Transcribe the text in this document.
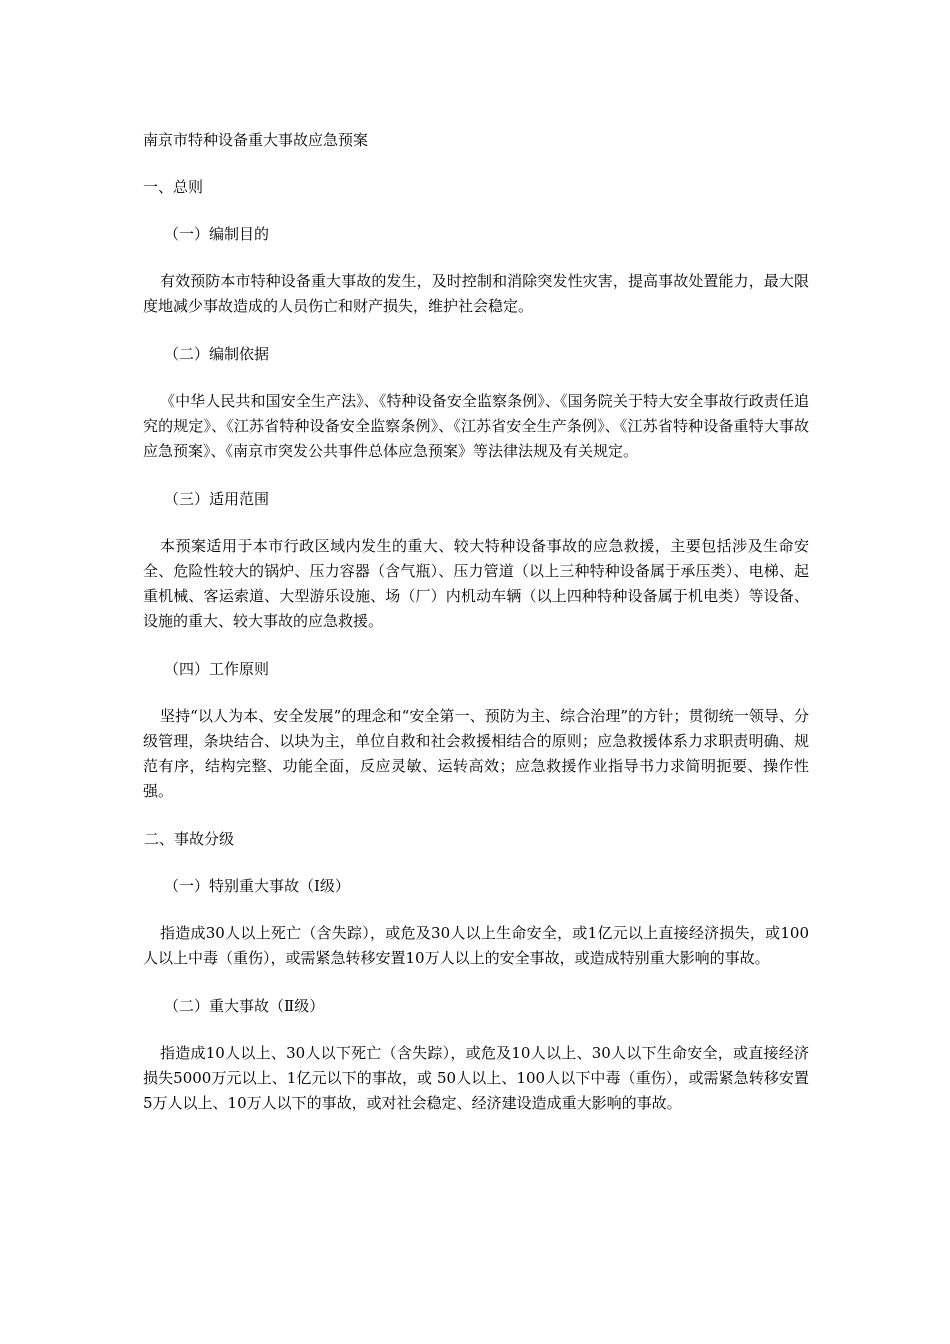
南京市特种设备重大事故应急预案

一、总则

（一）编制目的

有效预防本市特种设备重大事故的发生，及时控制和消除突发性灾害，提高事故处置能力，最大限度地减少事故造成的人员伤亡和财产损失，维护社会稳定。

（二）编制依据

《中华人民共和国安全生产法》、《特种设备安全监察条例》、《国务院关于特大安全事故行政责任追究的规定》、《江苏省特种设备安全监察条例》、《江苏省安全生产条例》、《江苏省特种设备重特大事故应急预案》、《南京市突发公共事件总体应急预案》等法律法规及有关规定。

（三）适用范围

本预案适用于本市行政区域内发生的重大、较大特种设备事故的应急救援，主要包括涉及生命安全、危险性较大的锅炉、压力容器（含气瓶）、压力管道（以上三种特种设备属于承压类）、电梯、起重机械、客运索道、大型游乐设施、场（厂）内机动车辆（以上四种特种设备属于机电类）等设备、设施的重大、较大事故的应急救援。

（四）工作原则

坚持“以人为本、安全发展”的理念和“安全第一、预防为主、综合治理”的方针；贯彻统一领导、分级管理，条块结合、以块为主，单位自救和社会救援相结合的原则；应急救援体系力求职责明确、规范有序，结构完整、功能全面，反应灵敏、运转高效；应急救援作业指导书力求简明扼要、操作性强。

二、事故分级

（一）特别重大事故（Ⅰ级）

指造成30人以上死亡（含失踪），或危及30人以上生命安全，或1亿元以上直接经济损失，或100人以上中毒（重伤），或需紧急转移安置10万人以上的安全事故，或造成特别重大影响的事故。

（二）重大事故（Ⅱ级）

指造成10人以上、30人以下死亡（含失踪），或危及10人以上、30人以下生命安全，或直接经济损失5000万元以上、1亿元以下的事故，或 50人以上、100人以下中毒（重伤），或需紧急转移安置5万人以上、10万人以下的事故，或对社会稳定、经济建设造成重大影响的事故。
